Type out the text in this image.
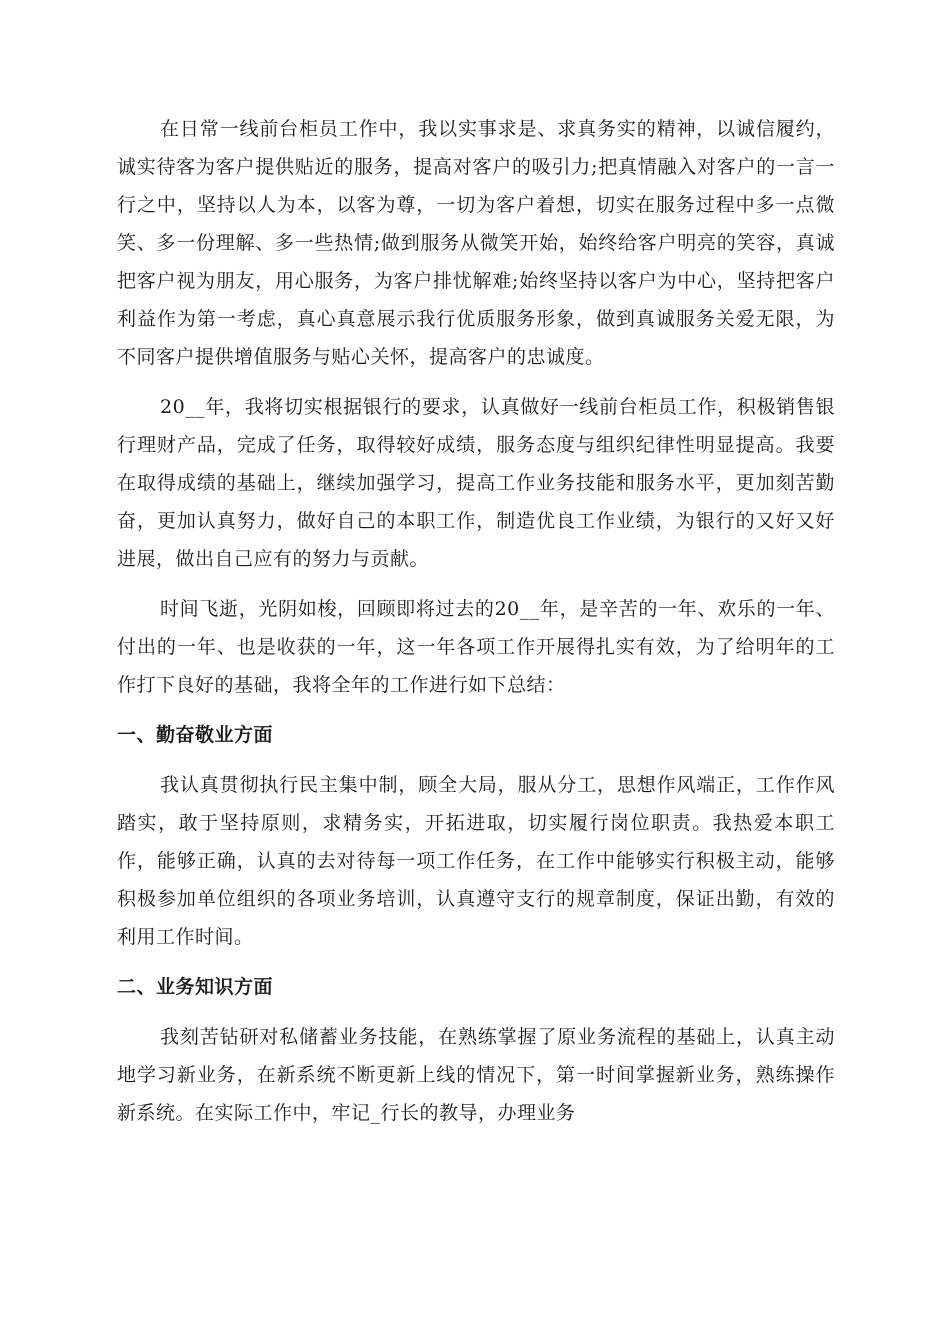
在日常一线前台柜员工作中，我以实事求是、求真务实的精神，以诚信履约，诚实待客为客户提供贴近的服务，提高对客户的吸引力;把真情融入对客户的一言一行之中，坚持以人为本，以客为尊，一切为客户着想，切实在服务过程中多一点微笑、多一份理解、多一些热情;做到服务从微笑开始，始终给客户明亮的笑容，真诚把客户视为朋友，用心服务，为客户排忧解难;始终坚持以客户为中心，坚持把客户利益作为第一考虑，真心真意展示我行优质服务形象，做到真诚服务关爱无限，为不同客户提供增值服务与贴心关怀，提高客户的忠诚度。

20__年，我将切实根据银行的要求，认真做好一线前台柜员工作，积极销售银行理财产品，完成了任务，取得较好成绩，服务态度与组织纪律性明显提高。我要在取得成绩的基础上，继续加强学习，提高工作业务技能和服务水平，更加刻苦勤奋，更加认真努力，做好自己的本职工作，制造优良工作业绩，为银行的又好又好进展，做出自己应有的努力与贡献。

时间飞逝，光阴如梭，回顾即将过去的20__年，是辛苦的一年、欢乐的一年、付出的一年、也是收获的一年，这一年各项工作开展得扎实有效，为了给明年的工作打下良好的基础，我将全年的工作进行如下总结：

一、勤奋敬业方面

我认真贯彻执行民主集中制，顾全大局，服从分工，思想作风端正，工作作风踏实，敢于坚持原则，求精务实，开拓进取，切实履行岗位职责。我热爱本职工作，能够正确，认真的去对待每一项工作任务，在工作中能够实行积极主动，能够积极参加单位组织的各项业务培训，认真遵守支行的规章制度，保证出勤，有效的利用工作时间。

二、业务知识方面

我刻苦钻研对私储蓄业务技能，在熟练掌握了原业务流程的基础上，认真主动地学习新业务，在新系统不断更新上线的情况下，第一时间掌握新业务，熟练操作新系统。在实际工作中，牢记_行长的教导，办理业务
